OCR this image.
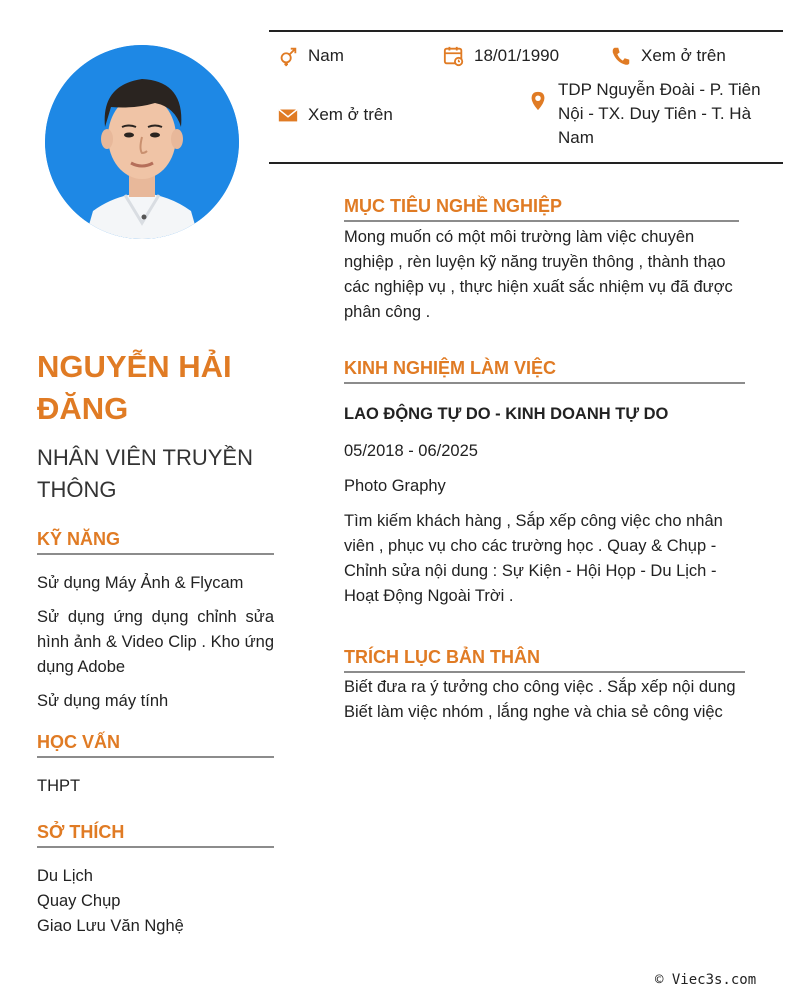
Nam	18/01/1990	Xem ở trên
Xem ở trên
TDP Nguyễn Đoài - P. Tiên Nội - TX. Duy Tiên - T. Hà Nam
NGUYỄN HẢI ĐĂNG
NHÂN VIÊN TRUYỀN THÔNG
KỸ NĂNG
Sử dụng Máy Ảnh & Flycam
Sử dụng ứng dụng chỉnh sửa hình ảnh & Video Clip . Kho ứng dụng Adobe
Sử dụng máy tính
HỌC VẤN
THPT
SỞ THÍCH
Du Lịch
Quay Chụp
Giao Lưu Văn Nghệ
MỤC TIÊU NGHỀ NGHIỆP
Mong muốn có một môi trường làm việc chuyên nghiệp , rèn luyện kỹ năng truyền thông , thành thạo các nghiệp vụ , thực hiện xuất sắc nhiệm vụ đã được phân công .
KINH NGHIỆM LÀM VIỆC
LAO ĐỘNG TỰ DO - KINH DOANH TỰ DO
05/2018 - 06/2025
Photo Graphy
Tìm kiếm khách hàng , Sắp xếp công việc cho nhân viên , phục vụ cho các trường học . Quay & Chụp - Chỉnh sửa nội dung : Sự Kiện - Hội Họp - Du Lịch - Hoạt Động Ngoài Trời .
TRÍCH LỤC BẢN THÂN
Biết đưa ra ý tưởng cho công việc . Sắp xếp nội dung
Biết làm việc nhóm , lắng nghe và chia sẻ công việc
© Viec3s.com
